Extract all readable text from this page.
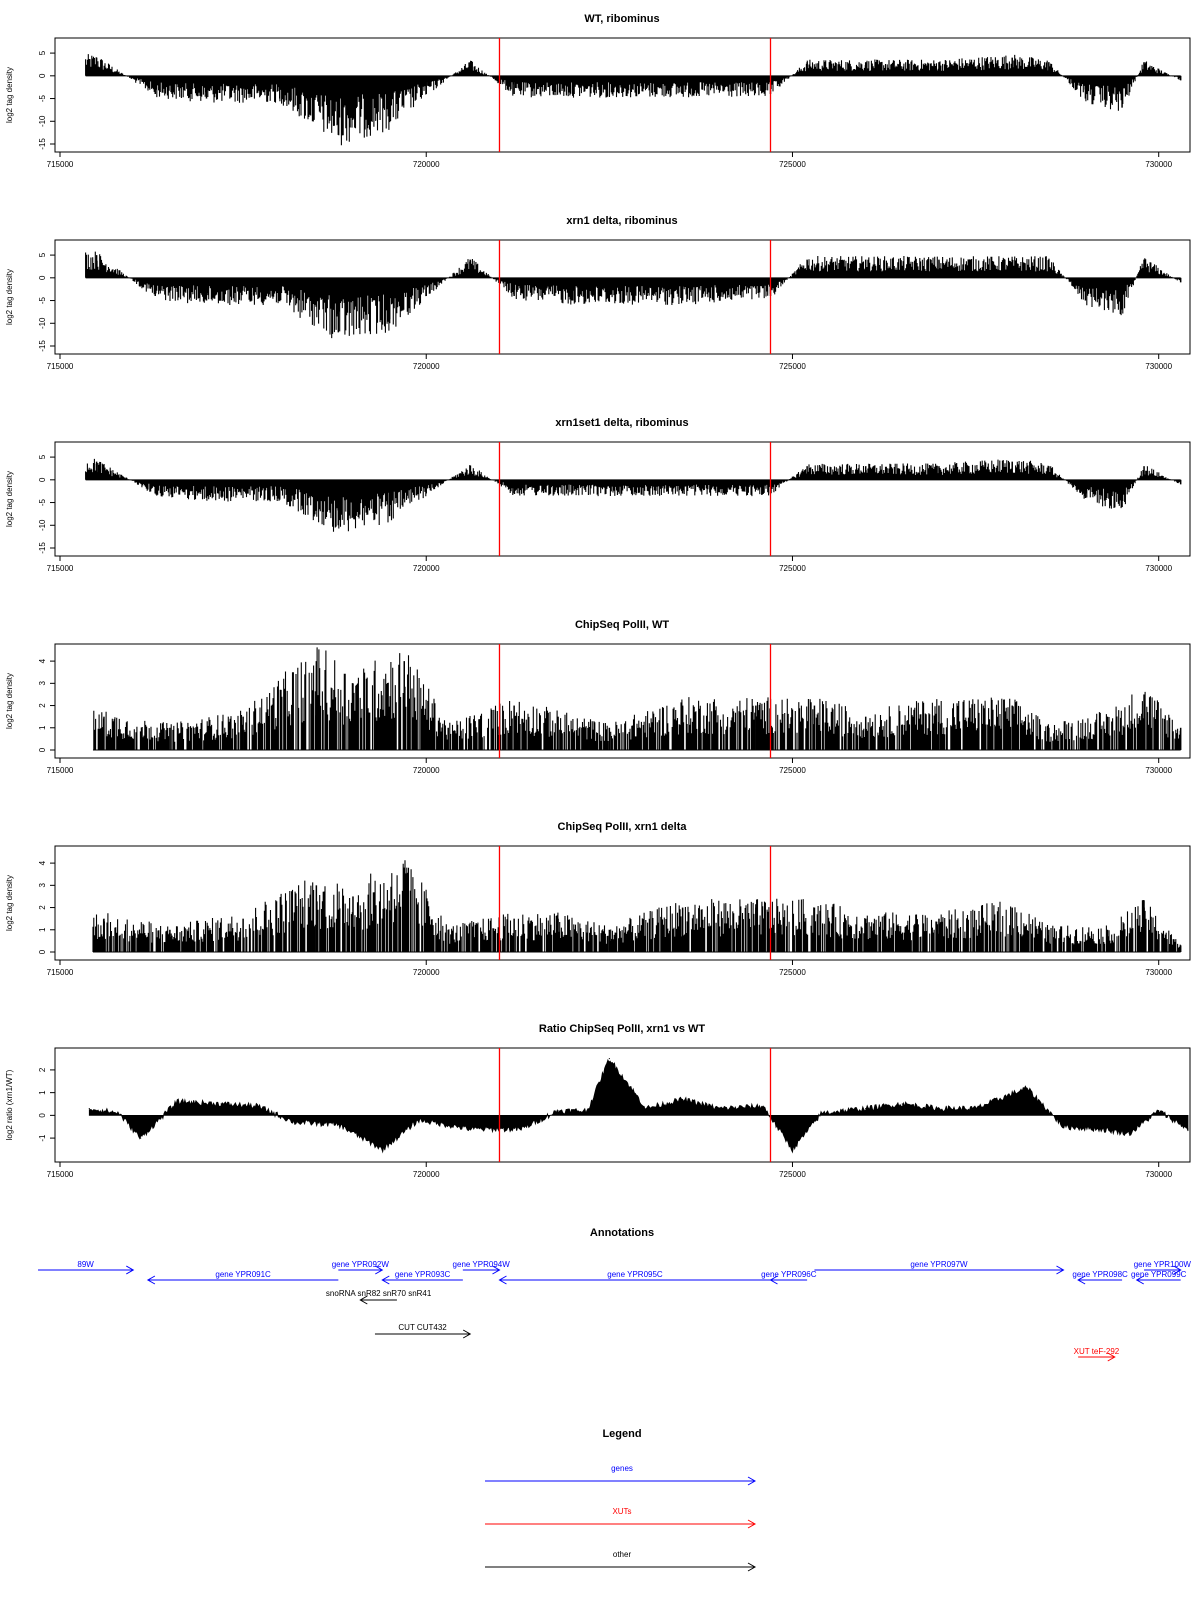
WT, ribominus
log2 tag density
-15
-10
-5
0
5
715000	720000	725000	730000
xrn1 delta, ribominus
log2 tag density
-15
-10
-5
0
5
715000	720000	725000	730000
xrn1set1 delta, ribominus
log2 tag density
-15
-10
-5
0
5
715000	720000	725000	730000
ChipSeq PolII, WT
log2 tag density
0
1
2
3
4
715000	720000	725000	730000
ChipSeq PolII, xrn1 delta
log2 tag density
0
1
2
3
4
715000	720000	725000	730000
Ratio ChipSeq PolII, xrn1 vs WT
log2 ratio (xrn1/WT)	-1
0
1
2
715000	720000	725000	730000
Annotations
89W
gene YPR091C
gene YPR092W
gene YPR093C
gene YPR094W
gene YPR095C	gene YPR096C
gene YPR097W
gene YPR098C gene YPR099C
gene YPR100W
snoRNA snR82 snR70 snR41
CUT CUT432
XUT teF-292
Legend
genes
XUTs
other
